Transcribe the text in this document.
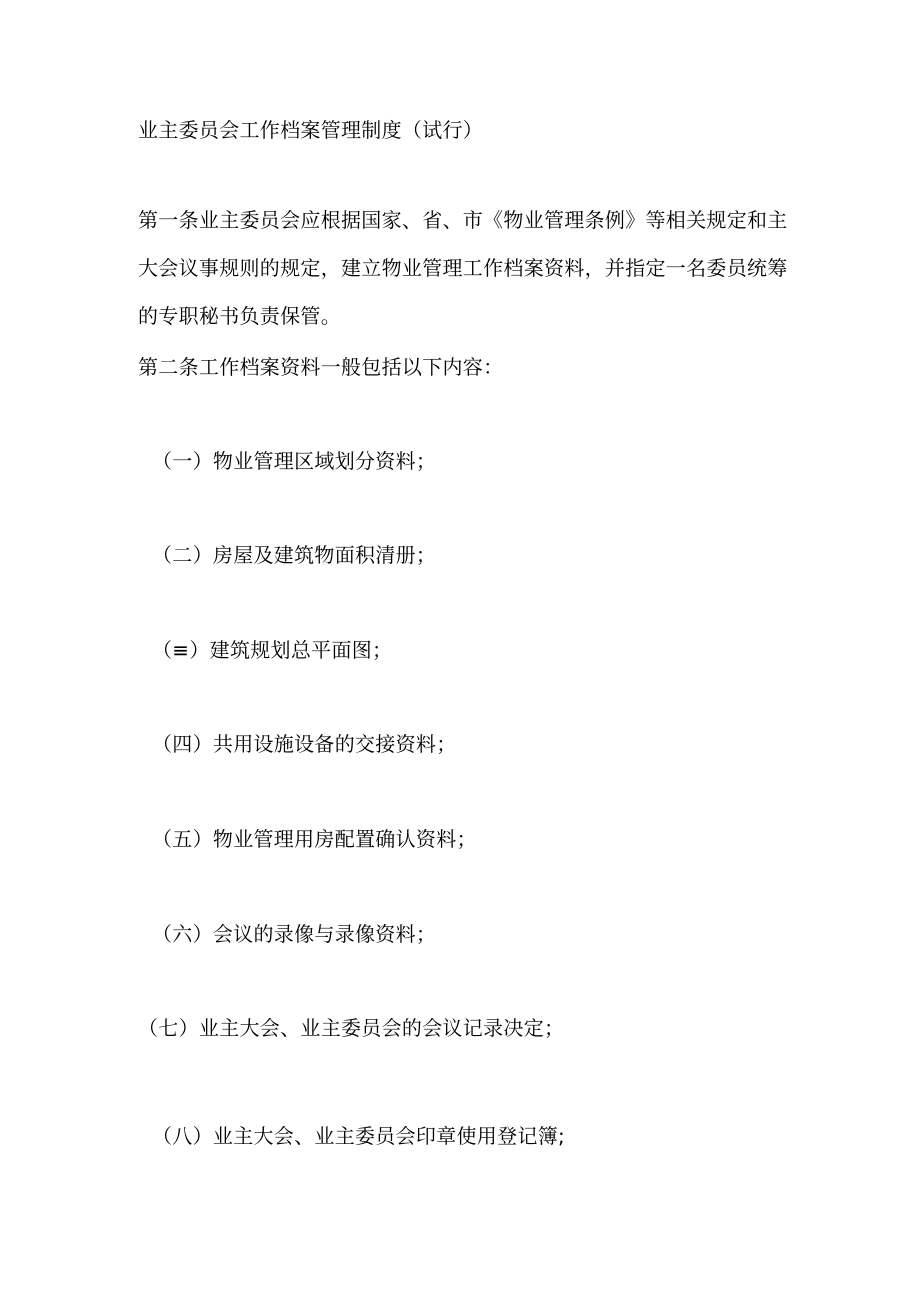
业主委员会工作档案管理制度（试行）
第一条业主委员会应根据国家、省、市《物业管理条例》等相关规定和主
大会议事规则的规定，建立物业管理工作档案资料，并指定一名委员统筹
的专职秘书负责保管。
第二条工作档案资料一般包括以下内容：
（一）物业管理区域划分资料；
（二）房屋及建筑物面积清册；
（≡）建筑规划总平面图；
（四）共用设施设备的交接资料；
（五）物业管理用房配置确认资料；
（六）会议的录像与录像资料；
（七）业主大会、业主委员会的会议记录决定；
（八）业主大会、业主委员会印章使用登记簿;
